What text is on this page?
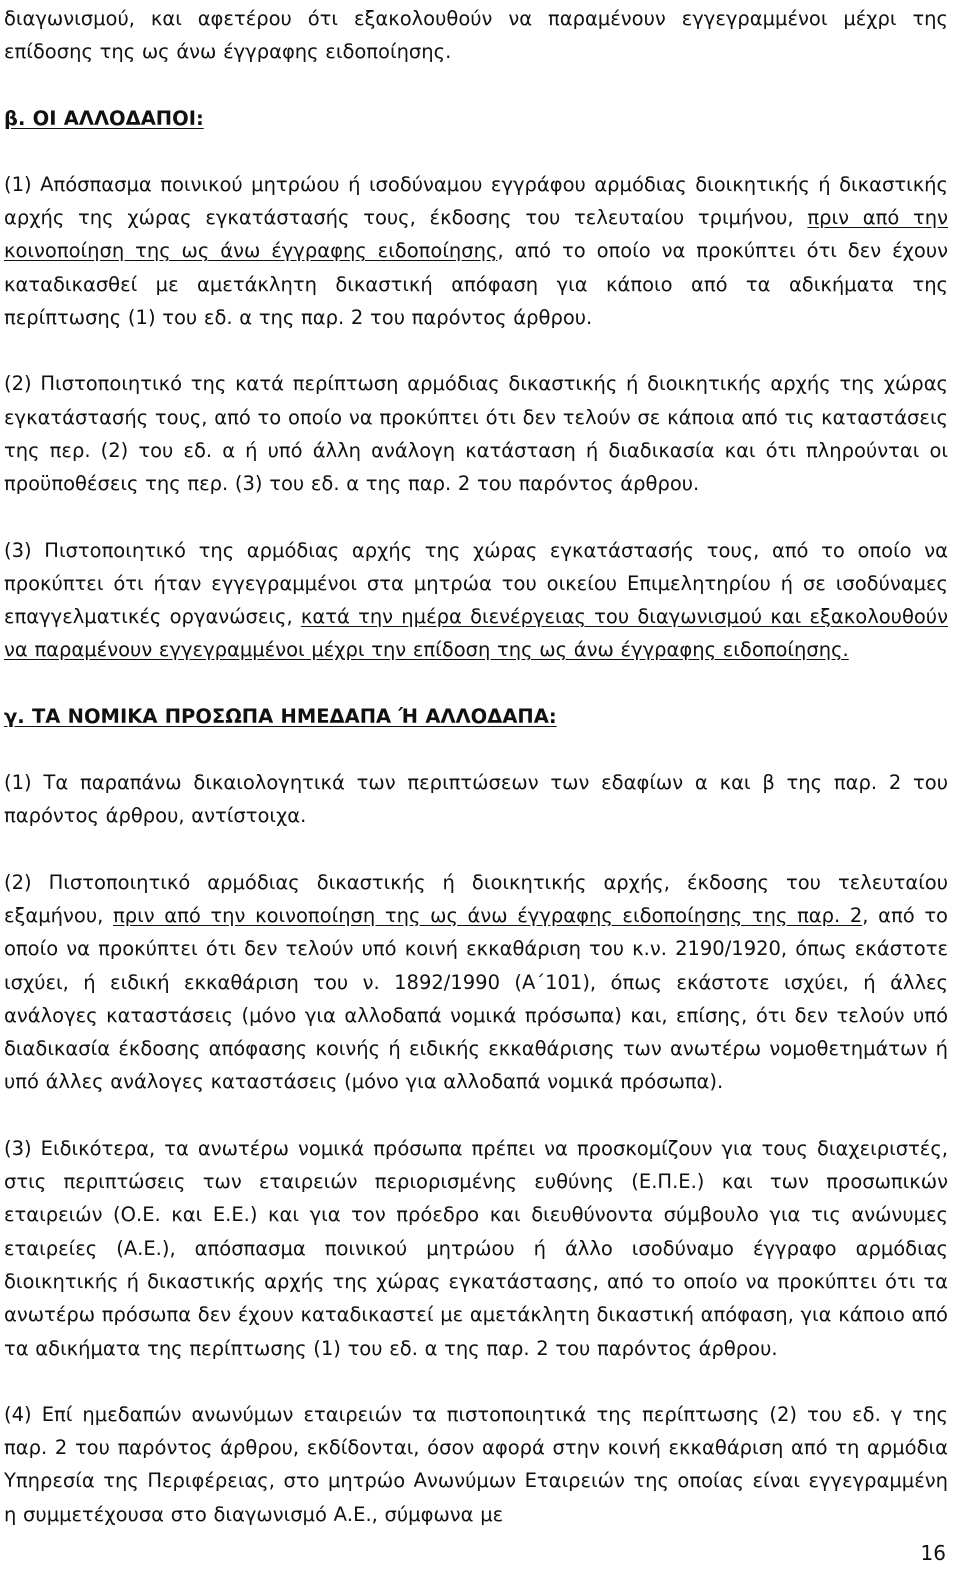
διαγωνισμού, και αφετέρου ότι εξακολουθούν να παραμένουν εγγεγραμμένοι μέχρι της επίδοσης της ως άνω έγγραφης ειδοποίησης.

β. ΟΙ ΑΛΛΟΔΑΠΟΙ:

(1) Απόσπασμα ποινικού μητρώου ή ισοδύναμου εγγράφου αρμόδιας διοικητικής ή δικαστικής αρχής της χώρας εγκατάστασής τους, έκδοσης του τελευταίου τριμήνου, πριν από την κοινοποίηση της ως άνω έγγραφης ειδοποίησης, από το οποίο να προκύπτει ότι δεν έχουν καταδικασθεί με αμετάκλητη δικαστική απόφαση για κάποιο από τα αδικήματα της περίπτωσης (1) του εδ. α της παρ. 2 του παρόντος άρθρου.

(2) Πιστοποιητικό της κατά περίπτωση αρμόδιας δικαστικής ή διοικητικής αρχής της χώρας εγκατάστασής τους, από το οποίο να προκύπτει ότι δεν τελούν σε κάποια από τις καταστάσεις της περ. (2) του εδ. α ή υπό άλλη ανάλογη κατάσταση ή διαδικασία και ότι πληρούνται οι προϋποθέσεις της περ. (3) του εδ. α της παρ. 2 του παρόντος άρθρου.

(3) Πιστοποιητικό της αρμόδιας αρχής της χώρας εγκατάστασής τους, από το οποίο να προκύπτει ότι ήταν εγγεγραμμένοι στα μητρώα του οικείου Επιμελητηρίου ή σε ισοδύναμες επαγγελματικές οργανώσεις, κατά την ημέρα διενέργειας του διαγωνισμού και εξακολουθούν να παραμένουν εγγεγραμμένοι μέχρι την επίδοση της ως άνω έγγραφης ειδοποίησης.

γ. ΤΑ ΝΟΜΙΚΑ ΠΡΟΣΩΠΑ ΗΜΕΔΑΠΑ Ή ΑΛΛΟΔΑΠΑ:

(1) Τα παραπάνω δικαιολογητικά των περιπτώσεων των εδαφίων α και β της παρ. 2 του παρόντος άρθρου, αντίστοιχα.

(2) Πιστοποιητικό αρμόδιας δικαστικής ή διοικητικής αρχής, έκδοσης του τελευταίου εξαμήνου, πριν από την κοινοποίηση της ως άνω έγγραφης ειδοποίησης της παρ. 2, από το οποίο να προκύπτει ότι δεν τελούν υπό κοινή εκκαθάριση του κ.ν. 2190/1920, όπως εκάστοτε ισχύει, ή ειδική εκκαθάριση του ν. 1892/1990 (Α΄101), όπως εκάστοτε ισχύει, ή άλλες ανάλογες καταστάσεις (μόνο για αλλοδαπά νομικά πρόσωπα) και, επίσης, ότι δεν τελούν υπό διαδικασία έκδοσης απόφασης κοινής ή ειδικής εκκαθάρισης των ανωτέρω νομοθετημάτων ή υπό άλλες ανάλογες καταστάσεις (μόνο για αλλοδαπά νομικά πρόσωπα).

(3) Ειδικότερα, τα ανωτέρω νομικά πρόσωπα πρέπει να προσκομίζουν για τους διαχειριστές, στις περιπτώσεις των εταιρειών περιορισμένης ευθύνης (Ε.Π.Ε.) και των προσωπικών εταιρειών (Ο.Ε. και Ε.Ε.) και για τον πρόεδρο και διευθύνοντα σύμβουλο για τις ανώνυμες εταιρείες (Α.Ε.), απόσπασμα ποινικού μητρώου ή άλλο ισοδύναμο έγγραφο αρμόδιας διοικητικής ή δικαστικής αρχής της χώρας εγκατάστασης, από το οποίο να προκύπτει ότι τα ανωτέρω πρόσωπα δεν έχουν καταδικαστεί με αμετάκλητη δικαστική απόφαση, για κάποιο από τα αδικήματα της περίπτωσης (1) του εδ. α της παρ. 2 του παρόντος άρθρου.

(4) Επί ημεδαπών ανωνύμων εταιρειών τα πιστοποιητικά της περίπτωσης (2) του εδ. γ της παρ. 2 του παρόντος άρθρου, εκδίδονται, όσον αφορά στην κοινή εκκαθάριση από τη αρμόδια Υπηρεσία της Περιφέρειας, στο μητρώο Ανωνύμων Εταιρειών της οποίας είναι εγγεγραμμένη η συμμετέχουσα στο διαγωνισμό Α.Ε., σύμφωνα με

16
